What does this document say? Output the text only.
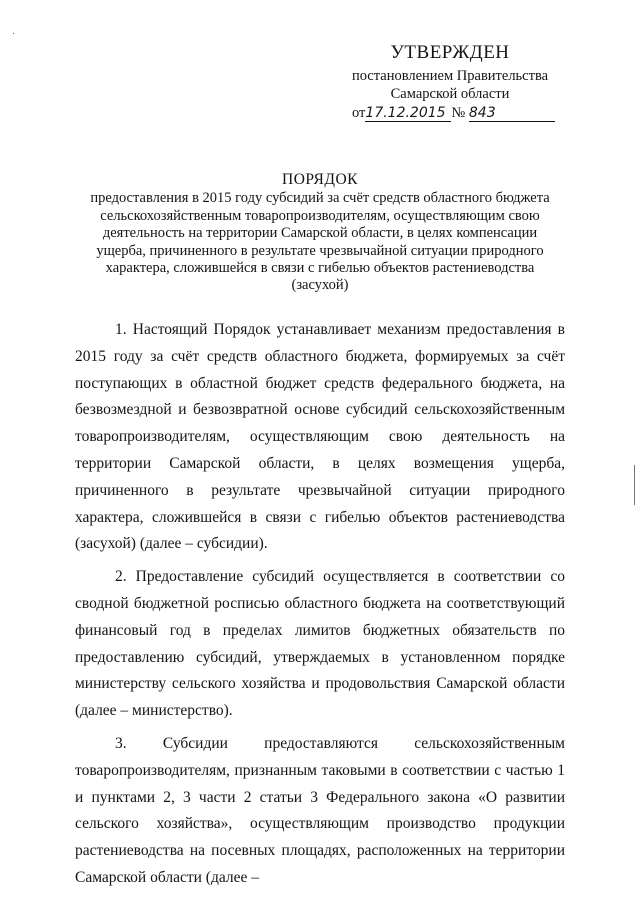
·
УТВЕРЖДЕН
постановлением Правительства
Самарской области
от17.12.2015 № 843
ПОРЯДОК
предоставления в 2015 году субсидий за счёт средств областного бюджета
сельскохозяйственным товаропроизводителям, осуществляющим свою
деятельность на территории Самарской области, в целях компенсации
ущерба, причиненного в результате чрезвычайной ситуации природного
характера, сложившейся в связи с гибелью объектов растениеводства
(засухой)

1. Настоящий Порядок устанавливает механизм предоставления в 2015 году за счёт средств областного бюджета, формируемых за счёт поступающих в областной бюджет средств федерального бюджета, на безвозмездной и безвозвратной основе субсидий сельскохозяйственным товаропроизводителям, осуществляющим свою деятельность на территории Самарской области, в целях возмещения ущерба, причиненного в результате чрезвычайной ситуации природного характера, сложившейся в связи с гибелью объектов растениеводства (засухой) (далее – субсидии).

2. Предоставление субсидий осуществляется в соответствии со сводной бюджетной росписью областного бюджета на соответствующий финансовый год в пределах лимитов бюджетных обязательств по предоставлению субсидий, утверждаемых в установленном порядке министерству сельского хозяйства и продовольствия Самарской области (далее – министерство).

3. Субсидии предоставляются сельскохозяйственным товаропроизводителям, признанным таковыми в соответствии с частью 1 и пунктами 2, 3 части 2 статьи 3 Федерального закона «О развитии сельского хозяйства», осуществляющим производство продукции растениеводства на посевных площадях, расположенных на территории Самарской области (далее –
